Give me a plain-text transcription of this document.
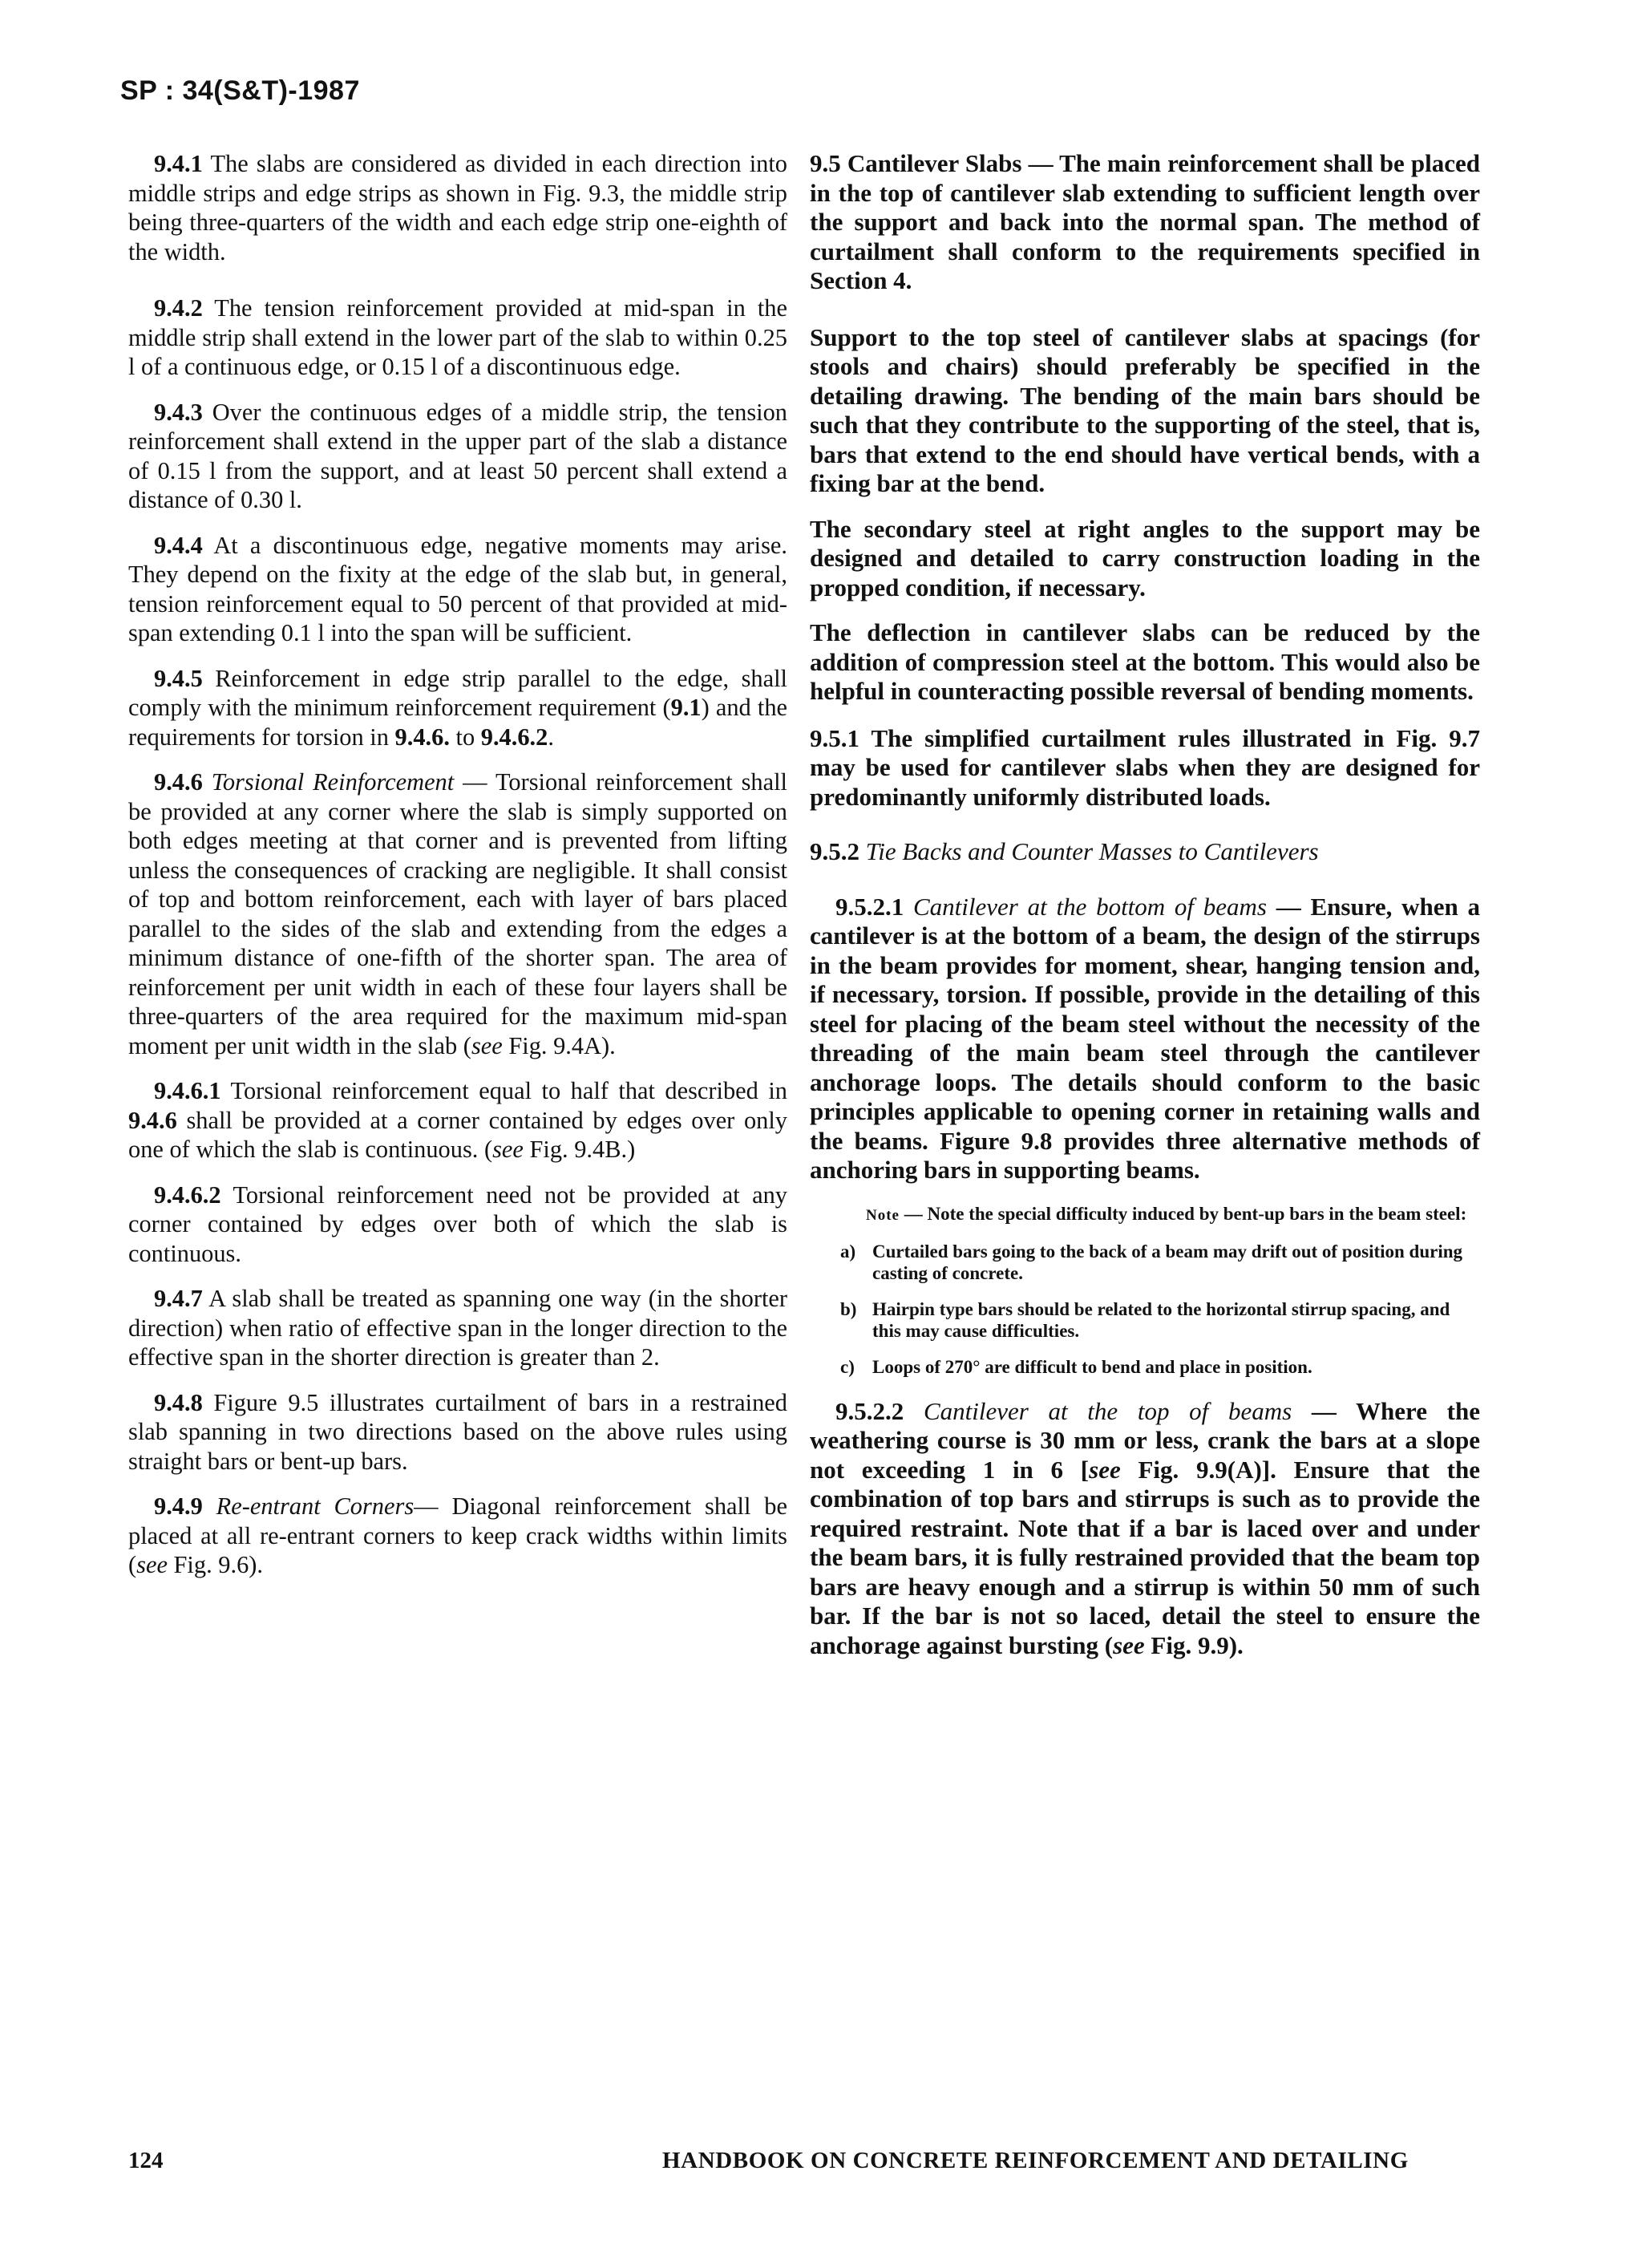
SP : 34(S&T)-1987

9.4.1 The slabs are considered as divided in each direction into middle strips and edge strips as shown in Fig. 9.3, the middle strip being three-quarters of the width and each edge strip one-eighth of the width.

9.4.2 The tension reinforcement provided at mid-span in the middle strip shall extend in the lower part of the slab to within 0.25 l of a continuous edge, or 0.15 l of a discontinuous edge.

9.4.3 Over the continuous edges of a middle strip, the tension reinforcement shall extend in the upper part of the slab a distance of 0.15 l from the support, and at least 50 percent shall extend a distance of 0.30 l.

9.4.4 At a discontinuous edge, negative moments may arise. They depend on the fixity at the edge of the slab but, in general, tension reinforcement equal to 50 percent of that provided at mid-span extending 0.1 l into the span will be sufficient.

9.4.5 Reinforcement in edge strip parallel to the edge, shall comply with the minimum reinforcement requirement (9.1) and the requirements for torsion in 9.4.6. to 9.4.6.2.

9.4.6 Torsional Reinforcement — Torsional reinforcement shall be provided at any corner where the slab is simply supported on both edges meeting at that corner and is prevented from lifting unless the consequences of cracking are negligible. It shall consist of top and bottom reinforcement, each with layer of bars placed parallel to the sides of the slab and extending from the edges a minimum distance of one-fifth of the shorter span. The area of reinforcement per unit width in each of these four layers shall be three-quarters of the area required for the maximum mid-span moment per unit width in the slab (see Fig. 9.4A).

9.4.6.1 Torsional reinforcement equal to half that described in 9.4.6 shall be provided at a corner contained by edges over only one of which the slab is continuous. (see Fig. 9.4B.)

9.4.6.2 Torsional reinforcement need not be provided at any corner contained by edges over both of which the slab is continuous.

9.4.7 A slab shall be treated as spanning one way (in the shorter direction) when ratio of effective span in the longer direction to the effective span in the shorter direction is greater than 2.

9.4.8 Figure 9.5 illustrates curtailment of bars in a restrained slab spanning in two directions based on the above rules using straight bars or bent-up bars.

9.4.9 Re-entrant Corners— Diagonal reinforcement shall be placed at all re-entrant corners to keep crack widths within limits (see Fig. 9.6).

9.5 Cantilever Slabs — The main reinforcement shall be placed in the top of cantilever slab extending to sufficient length over the support and back into the normal span. The method of curtailment shall conform to the requirements specified in Section 4.

Support to the top steel of cantilever slabs at spacings (for stools and chairs) should preferably be specified in the detailing drawing. The bending of the main bars should be such that they contribute to the supporting of the steel, that is, bars that extend to the end should have vertical bends, with a fixing bar at the bend.

The secondary steel at right angles to the support may be designed and detailed to carry construction loading in the propped condition, if necessary.

The deflection in cantilever slabs can be reduced by the addition of compression steel at the bottom. This would also be helpful in counteracting possible reversal of bending moments.

9.5.1 The simplified curtailment rules illustrated in Fig. 9.7 may be used for cantilever slabs when they are designed for predominantly uniformly distributed loads.

9.5.2 Tie Backs and Counter Masses to Cantilevers

9.5.2.1 Cantilever at the bottom of beams — Ensure, when a cantilever is at the bottom of a beam, the design of the stirrups in the beam provides for moment, shear, hanging tension and, if necessary, torsion. If possible, provide in the detailing of this steel for placing of the beam steel without the necessity of the threading of the main beam steel through the cantilever anchorage loops. The details should conform to the basic principles applicable to opening corner in retaining walls and the beams. Figure 9.8 provides three alternative methods of anchoring bars in supporting beams.

Note — Note the special difficulty induced by bent-up bars in the beam steel:

a) Curtailed bars going to the back of a beam may drift out of position during casting of concrete.
b) Hairpin type bars should be related to the horizontal stirrup spacing, and this may cause difficulties.
c) Loops of 270° are difficult to bend and place in position.

9.5.2.2 Cantilever at the top of beams — Where the weathering course is 30 mm or less, crank the bars at a slope not exceeding 1 in 6 [see Fig. 9.9(A)]. Ensure that the combination of top bars and stirrups is such as to provide the required restraint. Note that if a bar is laced over and under the beam bars, it is fully restrained provided that the beam top bars are heavy enough and a stirrup is within 50 mm of such bar. If the bar is not so laced, detail the steel to ensure the anchorage against bursting (see Fig. 9.9).

124	HANDBOOK ON CONCRETE REINFORCEMENT AND DETAILING
